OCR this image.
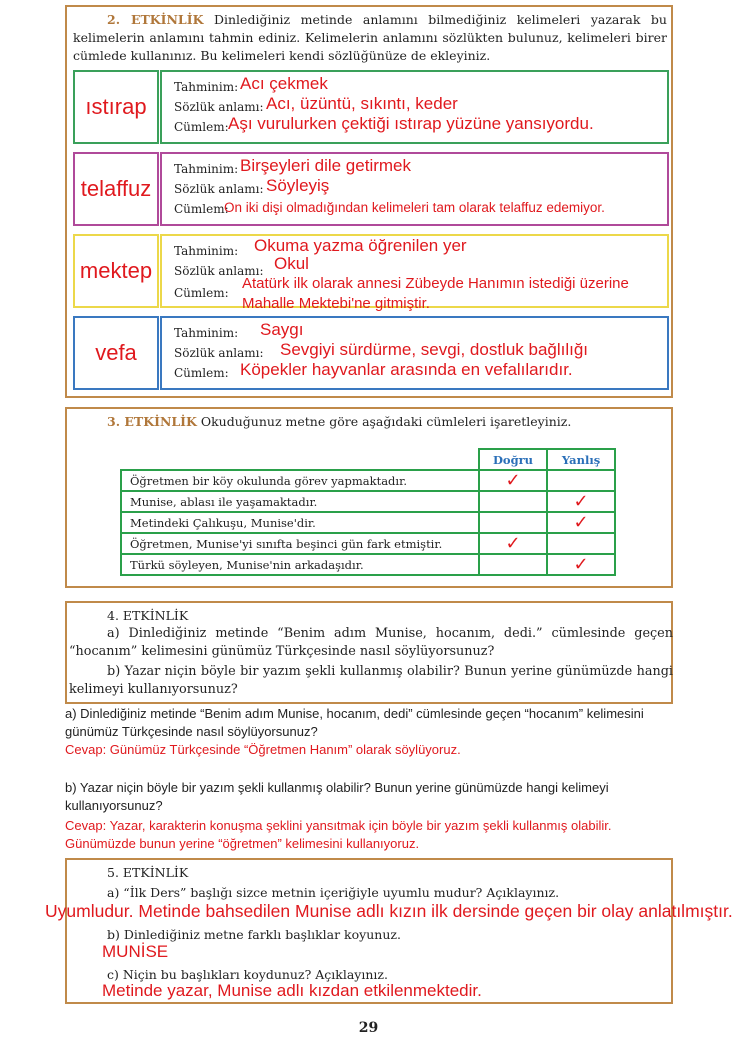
2. ETKİNLİK Dinlediğiniz metinde anlamını bilmediğiniz kelimeleri yazarak bu kelimelerin anlamını tahmin ediniz. Kelimelerin anlamını sözlükten bulunuz, kelimeleri birer cümlede kullanınız. Bu kelimeleri kendi sözlüğünüze de ekleyiniz.
ıstırap
Tahminim: Acı çekmek
Sözlük anlamı: Acı, üzüntü, sıkıntı, keder
Cümlem: Aşı vurulurken çektiği ıstırap yüzüne yansıyordu.
telaffuz
Tahminim: Birşeyleri dile getirmek
Sözlük anlamı: Söyleyiş
Cümlem:
On iki dişi olmadığından kelimeleri tam olarak telaffuz edemiyor.
mektep
Tahminim: Okuma yazma öğrenilen yer
Sözlük anlamı: Okul
Cümlem:
Atatürk ilk olarak annesi Zübeyde Hanımın istediği üzerine Mahalle Mektebi'ne gitmiştir.
vefa
Tahminim: Saygı
Sözlük anlamı: Sevgiyi sürdürme, sevgi, dostluk bağlılığı
Cümlem: Köpekler hayvanlar arasında en vefalılarıdır.
3. ETKİNLİK Okuduğunuz metne göre aşağıdaki cümleleri işaretleyiniz.
	Doğru	Yanlış
Öğretmen bir köy okulunda görev yapmaktadır.	✓	
Munise, ablası ile yaşamaktadır.		✓
Metindeki Çalıkuşu, Munise'dir.		✓
Öğretmen, Munise'yi sınıfta beşinci gün fark etmiştir.	✓	
Türkü söyleyen, Munise'nin arkadaşıdır.		✓
4. ETKİNLİK
a) Dinlediğiniz metinde “Benim adım Munise, hocanım, dedi.” cümlesinde geçen “hocanım” kelimesini günümüz Türkçesinde nasıl söylüyorsunuz?
b) Yazar niçin böyle bir yazım şekli kullanmış olabilir? Bunun yerine günümüzde hangi kelimeyi kullanıyorsunuz?
a) Dinlediğiniz metinde “Benim adım Munise, hocanım, dedi” cümlesinde geçen “hocanım” kelimesini günümüz Türkçesinde nasıl söylüyorsunuz?
Cevap: Günümüz Türkçesinde “Öğretmen Hanım” olarak söylüyoruz.
b) Yazar niçin böyle bir yazım şekli kullanmış olabilir? Bunun yerine günümüzde hangi kelimeyi kullanıyorsunuz?
Cevap: Yazar, karakterin konuşma şeklini yansıtmak için böyle bir yazım şekli kullanmış olabilir. Günümüzde bunun yerine “öğretmen” kelimesini kullanıyoruz.
5. ETKİNLİK
a) “İlk Ders” başlığı sizce metnin içeriğiyle uyumlu mudur? Açıklayınız.
b) Dinlediğiniz metne farklı başlıklar koyunuz.
c) Niçin bu başlıkları koydunuz? Açıklayınız.
Uyumludur. Metinde bahsedilen Munise adlı kızın ilk dersinde geçen bir olay anlatılmıştır.
MUNİSE
Metinde yazar, Munise adlı kızdan etkilenmektedir.
29
